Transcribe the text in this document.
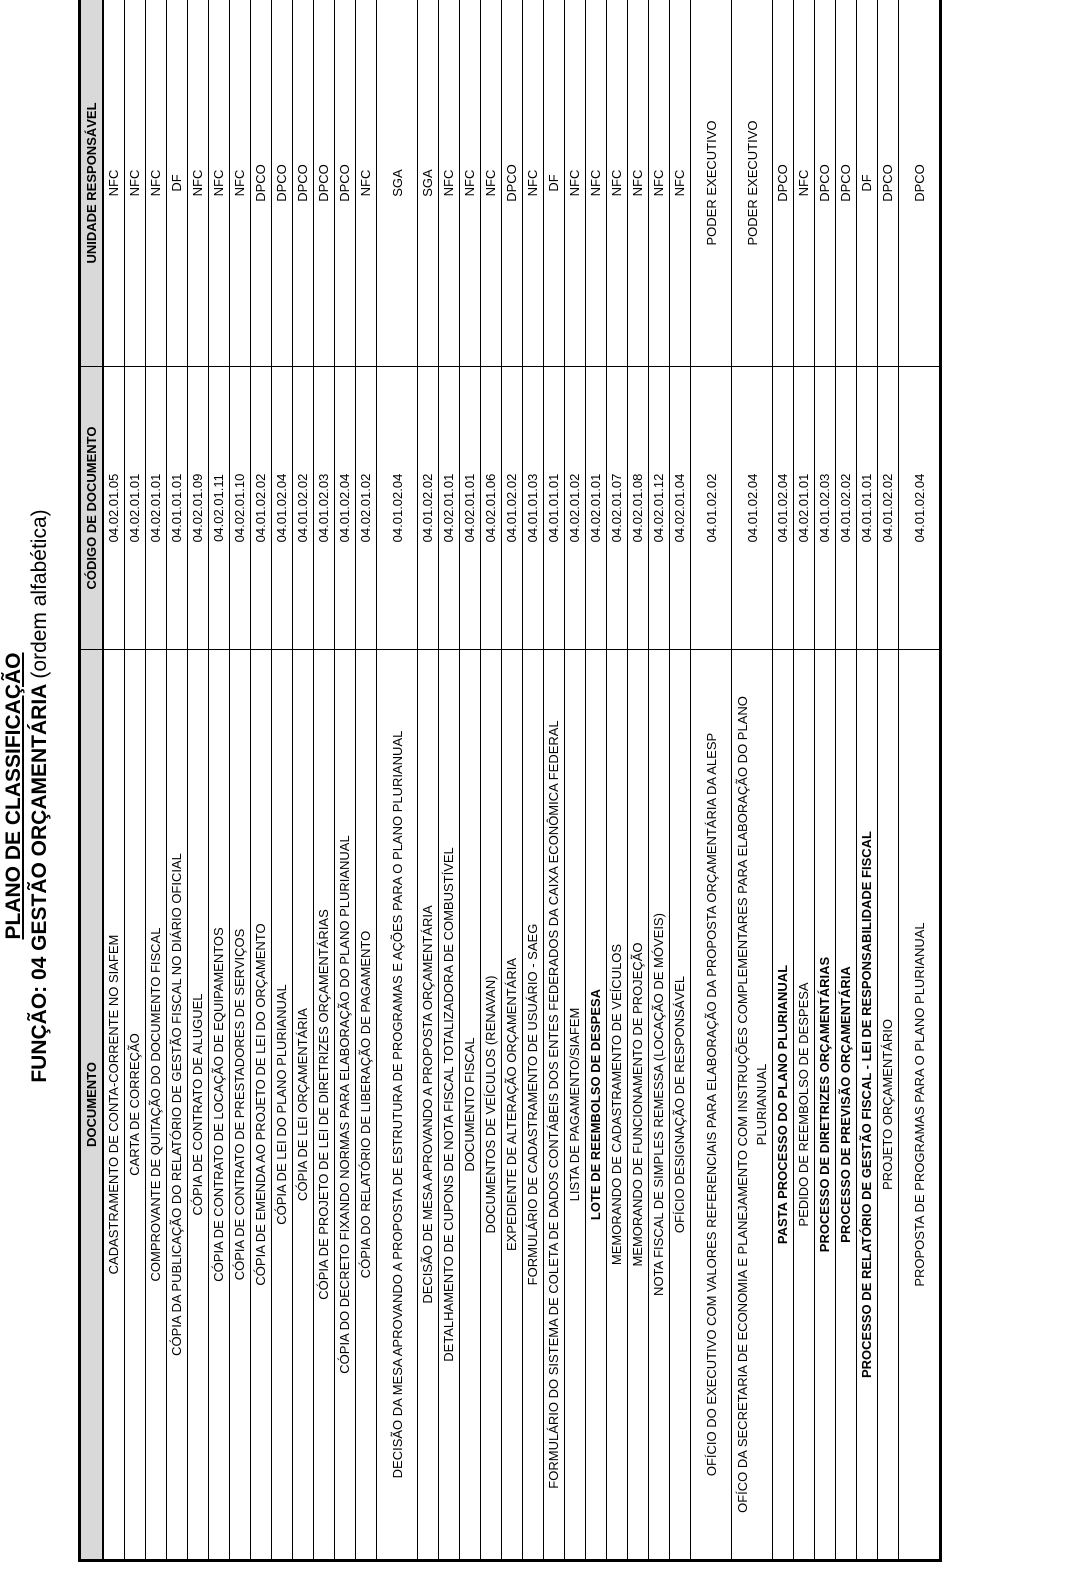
PLANO DE CLASSIFICAÇÃO FUNÇÃO: 04 GESTÃO ORÇAMENTÁRIA (ordem alfabética)
DOCUMENTO	CÓDIGO DE DOCUMENTO	UNIDADE RESPONSÁVEL
CADASTRAMENTO DE CONTA-CORRENTE NO SIAFEM	04.02.01.05	NFC
CARTA DE CORREÇÃO	04.02.01.01	NFC
COMPROVANTE DE QUITAÇÃO DO DOCUMENTO FISCAL	04.02.01.01	NFC
CÓPIA DA PUBLICAÇÃO DO RELATÓRIO DE GESTÃO FISCAL NO DIÁRIO OFICIAL	04.01.01.01	DF
CÓPIA DE CONTRATO DE ALUGUEL	04.02.01.09	NFC
CÓPIA DE CONTRATO DE LOCAÇÃO DE EQUIPAMENTOS	04.02.01.11	NFC
CÓPIA DE CONTRATO DE PRESTADORES DE SERVIÇOS	04.02.01.10	NFC
CÓPIA DE EMENDA AO PROJETO DE LEI DO ORÇAMENTO	04.01.02.02	DPCO
CÓPIA DE LEI DO PLANO PLURIANUAL	04.01.02.04	DPCO
CÓPIA DE LEI ORÇAMENTÁRIA	04.01.02.02	DPCO
CÓPIA DE PROJETO DE LEI DE DIRETRIZES ORÇAMENTÁRIAS	04.01.02.03	DPCO
CÓPIA DO DECRETO FIXANDO NORMAS PARA ELABORAÇÃO DO PLANO PLURIANUAL	04.01.02.04	DPCO
CÓPIA DO RELATÓRIO DE LIBERAÇÃO DE PAGAMENTO	04.02.01.02	NFC
DECISÃO DA MESA APROVANDO A PROPOSTA DE ESTRUTURA DE PROGRAMAS E AÇÕES PARA O PLANO PLURIANUAL	04.01.02.04	SGA
DECISÃO DE MESA APROVANDO A PROPOSTA ORÇAMENTÁRIA	04.01.02.02	SGA
DETALHAMENTO DE CUPONS DE NOTA FISCAL TOTALIZADORA DE COMBUSTÍVEL	04.02.01.01	NFC
DOCUMENTO FISCAL	04.02.01.01	NFC
DOCUMENTOS DE VEÍCULOS (RENAVAN)	04.02.01.06	NFC
EXPEDIENTE DE ALTERAÇÃO ORÇAMENTÁRIA	04.01.02.02	DPCO
FORMULÁRIO DE CADASTRAMENTO DE USUÁRIO - SAEG	04.01.01.03	NFC
FORMULÁRIO DO SISTEMA DE COLETA DE DADOS CONTÁBEIS DOS ENTES FEDERADOS DA CAIXA ECONÔMICA FEDERAL	04.01.01.01	DF
LISTA DE PAGAMENTO/SIAFEM	04.02.01.02	NFC
LOTE DE REEMBOLSO DE DESPESA	04.02.01.01	NFC
MEMORANDO DE CADASTRAMENTO DE VEÍCULOS	04.02.01.07	NFC
MEMORANDO DE FUNCIONAMENTO DE PROJEÇÃO	04.02.01.08	NFC
NOTA FISCAL DE SIMPLES REMESSA (LOCAÇÃO DE MÓVEIS)	04.02.01.12	NFC
OFÍCIO DESIGNAÇÃO DE RESPONSÁVEL	04.02.01.04	NFC
OFÍCIO DO EXECUTIVO COM VALORES REFERENCIAIS PARA ELABORAÇÃO DA PROPOSTA ORÇAMENTÁRIA DA ALESP	04.01.02.02	PODER EXECUTIVO
OFÍCO DA SECRETARIA DE ECONOMIA E PLANEJAMENTO COM INSTRUÇÕES COMPLEMENTARES PARA ELABORAÇÃO DO PLANO PLURIANUAL	04.01.02.04	PODER EXECUTIVO
PASTA PROCESSO DO PLANO PLURIANUAL	04.01.02.04	DPCO
PEDIDO DE REEMBOLSO DE DESPESA	04.02.01.01	NFC
PROCESSO DE DIRETRIZES ORÇAMENTÁRIAS	04.01.02.03	DPCO
PROCESSO DE PREVISÃO ORÇAMENTÁRIA	04.01.02.02	DPCO
PROCESSO DE RELATÓRIO DE GESTÃO FISCAL - LEI DE RESPONSABILIDADE FISCAL	04.01.01.01	DF
PROJETO ORÇAMENTÁRIO	04.01.02.02	DPCO
PROPOSTA DE PROGRAMAS PARA O PLANO PLURIANUAL	04.01.02.04	DPCO
